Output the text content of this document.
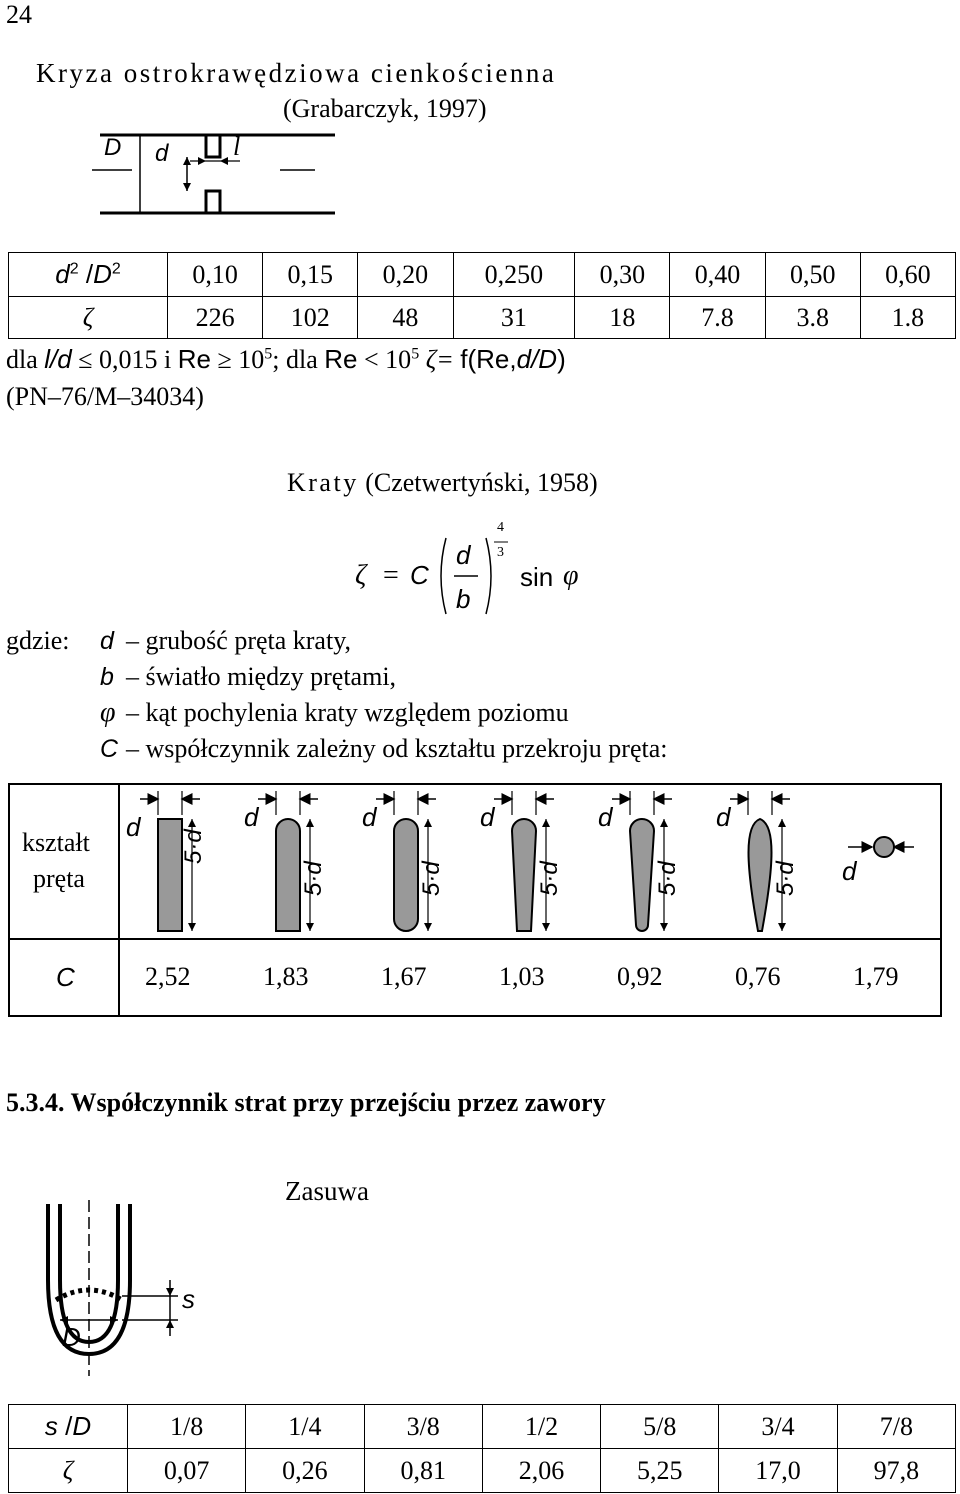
24
Kryza ostrokrawędziowa cienkościenna
(Grabarczyk, 1997)
D d l
$d^2$ $/D^2$	0,10	0,15	0,20	0,250	0,30	0,40	0,50	0,60
ζ	226	102	48	31	18	7.8	3.8	1.8
dla l/d ≤ 0,015 i $Re \ge 10^5$; dla $Re < 10^5$ ζ= f(Re,d/D)
(PN–76/M–34034)
Kraty (Czetwertyński, 1958)
ζ = C
d
b
4
3
sin φ
gdzie: d – grubość pręta kraty,
b – światło między prętami,
φ – kąt pochylenia kraty względem poziomu
C – współczynnik zależny od kształtu przekroju pręta:
kształt
pręta
d	d	d	d	d	d
d
5·d
5·d	5·d	5·d	5·d	5·d
C	2,52	1,83	1,67	1,03	0,92	0,76	1,79
5.3.4. Współczynnik strat przy przejściu przez zawory
Zasuwa
s
D
s /D	1/8	1/4	3/8	1/2	5/8	3/4	7/8
ζ	0,07	0,26	0,81	2,06	5,25	17,0	97,8
